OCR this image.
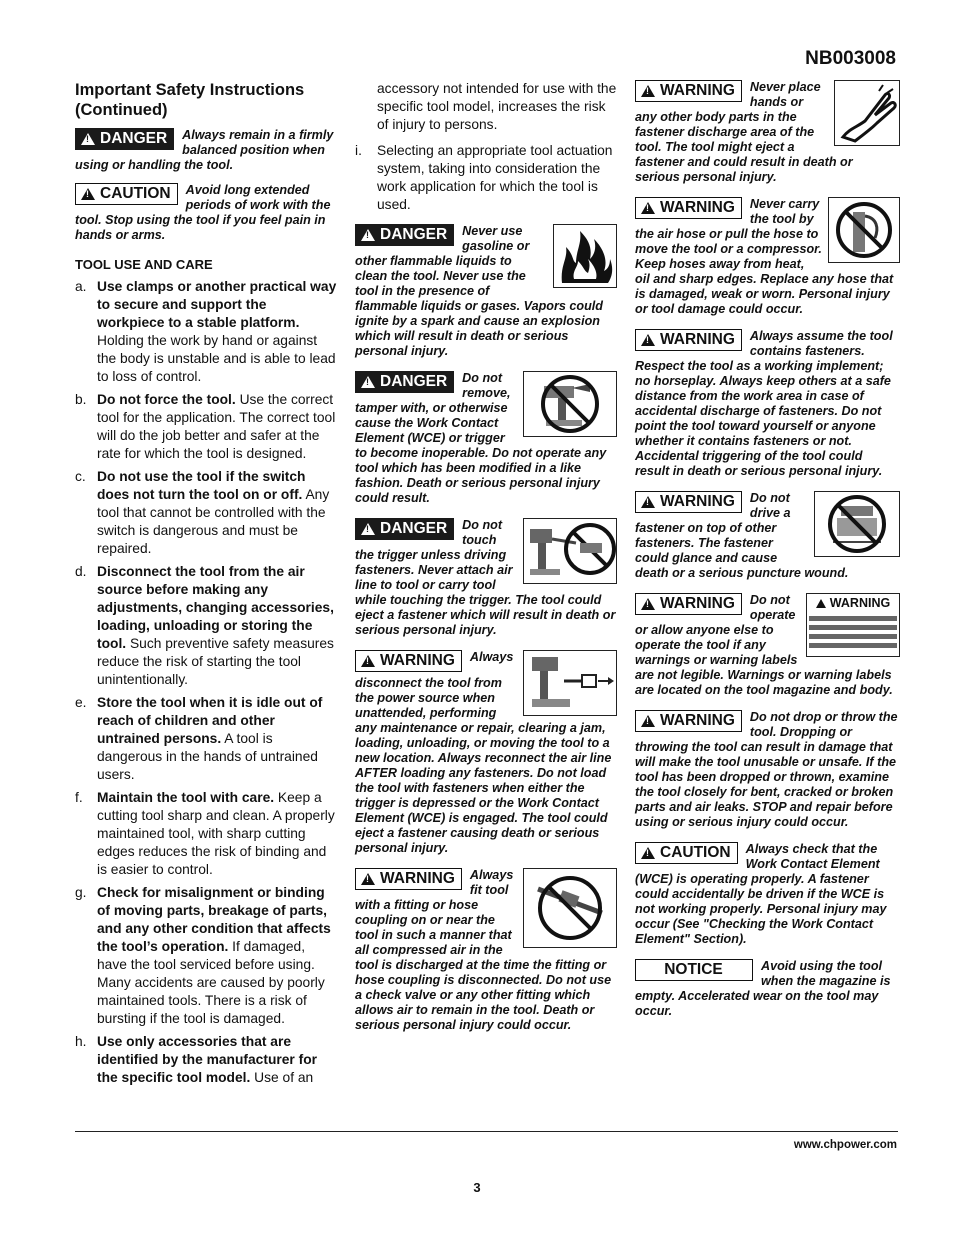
NB003008
Important Safety Instructions (Continued)
!
DANGER Always remain in a firmly balanced position when using or handling the tool.
!
CAUTION Avoid long extended periods of work with the tool. Stop using the tool if you feel pain in hands or arms.
TOOL USE AND CARE
a. Use clamps or another practical way to secure and support the workpiece to a stable platform. Holding the work by hand or against the body is unstable and is able to lead to loss of control.
b. Do not force the tool. Use the correct tool for the application. The correct tool will do the job better and safer at the rate for which the tool is designed.
c. Do not use the tool if the switch does not turn the tool on or off. Any tool that cannot be controlled with the switch is dangerous and must be repaired.
d. Disconnect the tool from the air source before making any adjustments, changing accessories, loading, unloading or storing the tool. Such preventive safety measures reduce the risk of starting the tool unintentionally.
e. Store the tool when it is idle out of reach of children and other untrained persons. A tool is dangerous in the hands of untrained users.
f. Maintain the tool with care. Keep a cutting tool sharp and clean. A properly maintained tool, with sharp cutting edges reduces the risk of binding and is easier to control.
g. Check for misalignment or binding of moving parts, breakage of parts, and any other condition that affects the tool’s operation. If damaged, have the tool serviced before using. Many accidents are caused by poorly maintained tools. There is a risk of bursting if the tool is damaged.
h. Use only accessories that are identified by the manufacturer for the specific tool model. Use of an
accessory not intended for use with the specific tool model, increases the risk of injury to persons.
i. Selecting an appropriate tool actuation system, taking into consideration the work application for which the tool is used.
!
DANGER Never use gasoline or other flammable liquids to clean the tool. Never use the tool in the presence of flammable liquids or gases. Vapors could ignite by a spark and cause an explosion which will result in death or serious personal injury.
!
DANGER Do not remove, tamper with, or otherwise cause the Work Contact Element (WCE) or trigger to become inoperable. Do not operate any tool which has been modified in a like fashion. Death or serious personal injury could result.
!
DANGER Do not touch the trigger unless driving fasteners. Never attach air line to tool or carry tool while touching the trigger. The tool could eject a fastener which will result in death or serious personal injury.
!
WARNING Always disconnect the tool from the power source when unattended, performing any maintenance or repair, clearing a jam, loading, unloading, or moving the tool to a new location. Always reconnect the air line AFTER loading any fasteners. Do not load the tool with fasteners when either the trigger is depressed or the Work Contact Element (WCE) is engaged. The tool could eject a fastener causing death or serious personal injury.
!
WARNING Always fit tool with a fitting or hose coupling on or near the tool in such a manner that all compressed air in the tool is discharged at the time the fitting or hose coupling is disconnected. Do not use a check valve or any other fitting which allows air to remain in the tool. Death or serious personal injury could occur.
!
WARNING Never place hands or any other body parts in the fastener discharge area of the tool. The tool might eject a fastener and could result in death or serious personal injury.
!
WARNING Never carry the tool by the air hose or pull the hose to move the tool or a compressor. Keep hoses away from heat, oil and sharp edges. Replace any hose that is damaged, weak or worn. Personal injury or tool damage could occur.
!
WARNING Always assume the tool contains fasteners. Respect the tool as a working implement; no horseplay. Always keep others at a safe distance from the work area in case of accidental discharge of fasteners. Do not point the tool toward yourself or anyone whether it contains fasteners or not. Accidental triggering of the tool could result in death or serious personal injury.
!
WARNING Do not drive a fastener on top of other fasteners. The fastener could glance and cause death or a serious puncture wound.
WARNING
!
WARNING Do not operate or allow anyone else to operate the tool if any warnings or warning labels are not legible. Warnings or warning labels are located on the tool magazine and body.
!
WARNING Do not drop or throw the tool. Dropping or throwing the tool can result in damage that will make the tool unusable or unsafe. If the tool has been dropped or thrown, examine the tool closely for bent, cracked or broken parts and air leaks. STOP and repair before using or serious injury could occur.
!
CAUTION Always check that the Work Contact Element (WCE) is operating properly. A fastener could accidentally be driven if the WCE is not working properly. Personal injury may occur (See "Checking the Work Contact Element" Section).
NOTICE	Avoid using the tool when the magazine is empty. Accelerated wear on the tool may occur.
www.chpower.com
3
